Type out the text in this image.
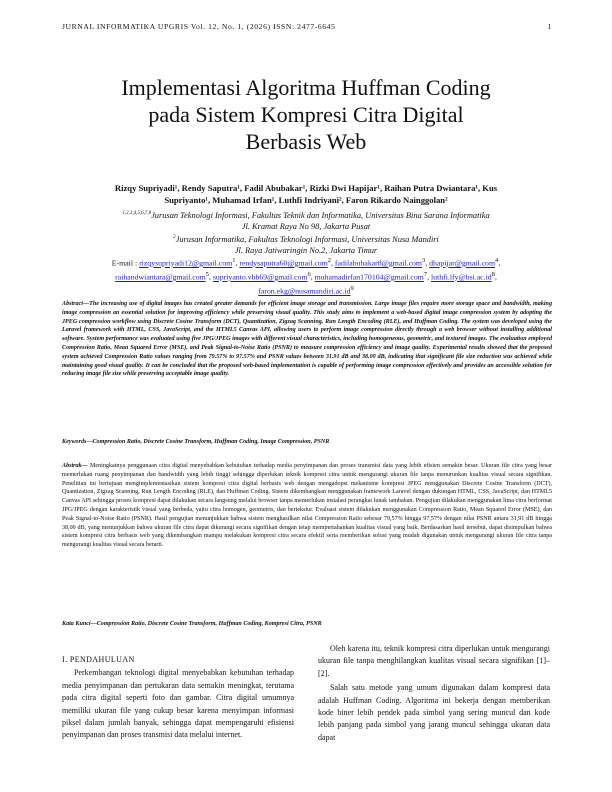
JURNAL INFORMATIKA UPGRIS Vol. 12, No. 1, (2026) ISSN: 2477-6645	1
Implementasi Algoritma Huffman Coding
pada Sistem Kompresi Citra Digital
Berbasis Web
Rizqy Supriyadi¹, Rendy Saputra¹, Fadil Abubakar¹, Rizki Dwi Hapijar¹, Raihan Putra Dwiantara¹, Kus
Supriyanto¹, Muhamad Irfan¹, Luthfi Indriyani², Faron Rikardo Nainggolan²
$^{1,2,3,4,5,6,7,8}$Jurusan Teknologi Informasi, Fakultas Teknik dan Informatika, Universitas Bina Sarana Informatika
Jl. Kramat Raya No 98, Jakarta Pusat
$^2$Jurusan Informatika, Fakultas Teknologi Informasi, Universitas Nusa Mandiri
Jl. Raya Jatiwaringin No.2, Jakarta Timur
E-mail : rizqysupriyadi12@gmail.com$^1$, rendysaputra60@gmail.com$^2$, fadilabubakar8@gmail.com$^3$, dhapijar@gmail.com$^4$,
raihandwiantara@gmail.com$^5$, supriyanto.vbb69@gmail.com$^6$, muhamadirfan170104@gmail.com$^7$, $luthfi.lfy@bsi.ac.id^8$,
$faron.ekg@nusamandiri.ac.id^9$
Abstract—The increasing use of digital images has created greater demands for efficient image storage and transmission. Large image files require more storage space and bandwidth, making image compression an essential solution for improving efficiency while preserving visual quality. This study aims to implement a web-based digital image compression system by adopting the JPEG compression workflow using Discrete Cosine Transform (DCT), Quantization, Zigzag Scanning, Run Length Encoding (RLE), and Huffman Coding. The system was developed using the Laravel framework with HTML, CSS, JavaScript, and the HTML5 Canvas API, allowing users to perform image compression directly through a web browser without installing additional software. System performance was evaluated using five JPG/JPEG images with different visual characteristics, including homogeneous, geometric, and textured images. The evaluation employed Compression Ratio, Mean Squared Error (MSE), and Peak Signal-to-Noise Ratio (PSNR) to measure compression efficiency and image quality. Experimental results showed that the proposed system achieved Compression Ratio values ranging from 79.57% to 97.57% and PSNR values between 31.91 dB and 38.00 dB, indicating that significant file size reduction was achieved while maintaining good visual quality. It can be concluded that the proposed web-based implementation is capable of performing image compression effectively and provides an accessible solution for reducing image file size while preserving acceptable image quality.
Keywords—Compression Ratio, Discrete Cosine Transform, Huffman Coding, Image Compression, PSNR
Abstrak— Meningkatnya penggunaan citra digital menyebabkan kebutuhan terhadap media penyimpanan dan proses transmisi data yang lebih efisien semakin besar. Ukuran file citra yang besar memerlukan ruang penyimpanan dan bandwidth yang lebih tinggi sehingga diperlukan teknik kompresi citra untuk mengurangi ukuran file tanpa menurunkan kualitas visual secara signifikan. Penelitian ini bertujuan mengimplementasikan sistem kompresi citra digital berbasis web dengan mengadopsi mekanisme kompresi JPEG menggunakan Discrete Cosine Transform (DCT), Quantization, Zigzag Scanning, Run Length Encoding (RLE), dan Huffman Coding. Sistem dikembangkan menggunakan framework Laravel dengan dukungan HTML, CSS, JavaScript, dan HTML5 Canvas API sehingga proses kompresi dapat dilakukan secara langsung melalui browser tanpa memerlukan instalasi perangkat lunak tambahan. Pengujian dilakukan menggunakan lima citra berformat JPG/JPEG dengan karakteristik visual yang berbeda, yaitu citra homogen, geometris, dan bertekstur. Evaluasi sistem dilakukan menggunakan Compression Ratio, Mean Squared Error (MSE), dan Peak Signal-to-Noise Ratio (PSNR). Hasil pengujian menunjukkan bahwa sistem menghasilkan nilai Compression Ratio sebesar 79,57% hingga 97,57% dengan nilai PSNR antara 31,91 dB hingga 38,00 dB, yang menunjukkan bahwa ukuran file citra dapat dikurangi secara signifikan dengan tetap mempertahankan kualitas visual yang baik. Berdasarkan hasil tersebut, dapat disimpulkan bahwa sistem kompresi citra berbasis web yang dikembangkan mampu melakukan kompresi citra secara efektif serta memberikan solusi yang mudah digunakan untuk mengurangi ukuran file citra tanpa mengurangi kualitas visual secara berarti.
Kata Kunci—Compression Ratio, Discrete Cosine Transform, Huffman Coding, Kompresi Citra, PSNR
I. PENDAHULUAN

Perkembangan teknologi digital menyebabkan kebutuhan terhadap media penyimpanan dan pertukaran data semakin meningkat, terutama pada citra digital seperti foto dan gambar. Citra digital umumnya memiliki ukuran file yang cukup besar karena menyimpan informasi piksel dalam jumlah banyak, sehingga dapat mempengaruhi efisiensi penyimpanan dan proses transmisi data melalui internet.

Oleh karena itu, teknik kompresi citra diperlukan untuk mengurangi ukuran file tanpa menghilangkan kualitas visual secara signifikan [1]–[2].

Salah satu metode yang umum digunakan dalam kompresi data adalah Huffman Coding. Algoritma ini bekerja dengan memberikan kode biner lebih pendek pada simbol yang sering muncul dan kode lebih panjang pada simbol yang jarang muncul sehingga ukuran data dapat
